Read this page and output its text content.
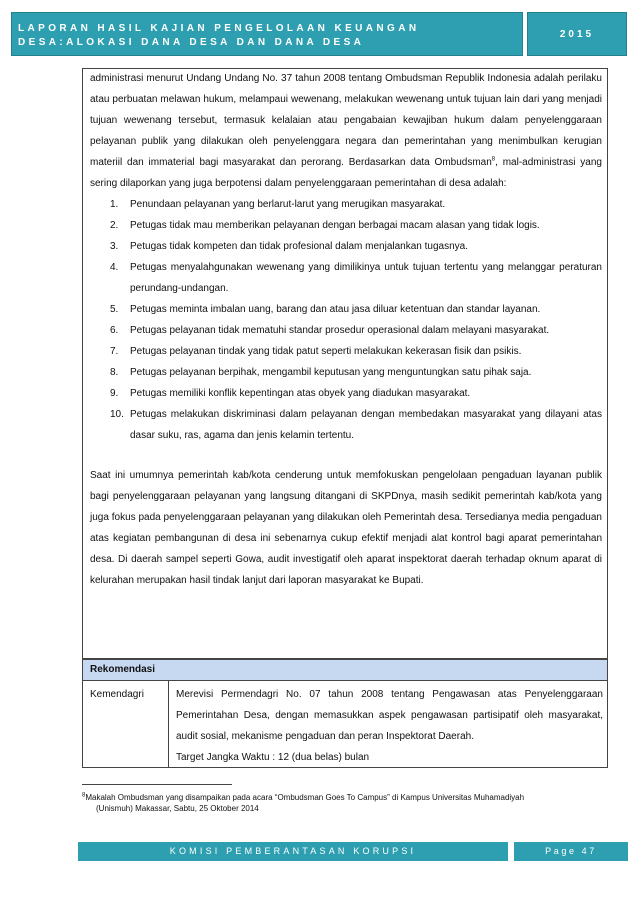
LAPORAN HASIL KAJIAN PENGELOLAAN KEUANGAN
DESA:ALOKASI DANA DESA DAN DANA DESA
2015

administrasi menurut Undang Undang No. 37 tahun 2008 tentang Ombudsman Republik Indonesia adalah perilaku atau perbuatan melawan hukum, melampaui wewenang, melakukan wewenang untuk tujuan lain dari yang menjadi tujuan wewenang tersebut, termasuk kelalaian atau pengabaian kewajiban hukum dalam penyelenggaraan pelayanan publik yang dilakukan oleh penyelenggara negara dan pemerintahan yang menimbulkan kerugian materiil dan immaterial bagi masyarakat dan perorang. Berdasarkan data Ombudsman$^8$, mal-administrasi yang sering dilaporkan yang juga berpotensi dalam penyelenggaraan pemerintahan di desa adalah:

1. Penundaan pelayanan yang berlarut-larut yang merugikan masyarakat.
2. Petugas tidak mau memberikan pelayanan dengan berbagai macam alasan yang tidak logis.
3. Petugas tidak kompeten dan tidak profesional dalam menjalankan tugasnya.
4. Petugas menyalahgunakan wewenang yang dimilikinya untuk tujuan tertentu yang melanggar peraturan perundang-undangan.
5. Petugas meminta imbalan uang, barang dan atau jasa diluar ketentuan dan standar layanan.
6. Petugas pelayanan tidak mematuhi standar prosedur operasional dalam melayani masyarakat.
7. Petugas pelayanan tindak yang tidak patut seperti melakukan kekerasan fisik dan psikis.
8. Petugas pelayanan berpihak, mengambil keputusan yang menguntungkan satu pihak saja.
9. Petugas memiliki konflik kepentingan atas obyek yang diadukan masyarakat.
10. Petugas melakukan diskriminasi dalam pelayanan dengan membedakan masyarakat yang dilayani atas dasar suku, ras, agama dan jenis kelamin tertentu.

Saat ini umumnya pemerintah kab/kota cenderung untuk memfokuskan pengelolaan pengaduan layanan publik bagi penyelenggaraan pelayanan yang langsung ditangani di SKPDnya, masih sedikit pemerintah kab/kota yang juga fokus pada penyelenggaraan pelayanan yang dilakukan oleh Pemerintah desa. Tersedianya media pengaduan atas kegiatan pembangunan di desa ini sebenarnya cukup efektif menjadi alat kontrol bagi aparat pemerintahan desa. Di daerah sampel seperti Gowa, audit investigatif oleh aparat inspektorat daerah terhadap oknum aparat di kelurahan merupakan hasil tindak lanjut dari laporan masyarakat ke Bupati.

Rekomendasi
Kemendagri	Merevisi Permendagri No. 07 tahun 2008 tentang Pengawasan atas Penyelenggaraan Pemerintahan Desa, dengan memasukkan aspek pengawasan partisipatif oleh masyarakat, audit sosial, mekanisme pengaduan dan peran Inspektorat Daerah.
Target Jangka Waktu : 12 (dua belas) bulan
$^8$Makalah Ombudsman yang disampaikan pada acara “Ombudsman Goes To Campus” di Kampus Universitas Muhamadiyah
(Unismuh) Makassar, Sabtu, 25 Oktober 2014
KOMISI PEMBERANTASAN KORUPSI	Page 47
